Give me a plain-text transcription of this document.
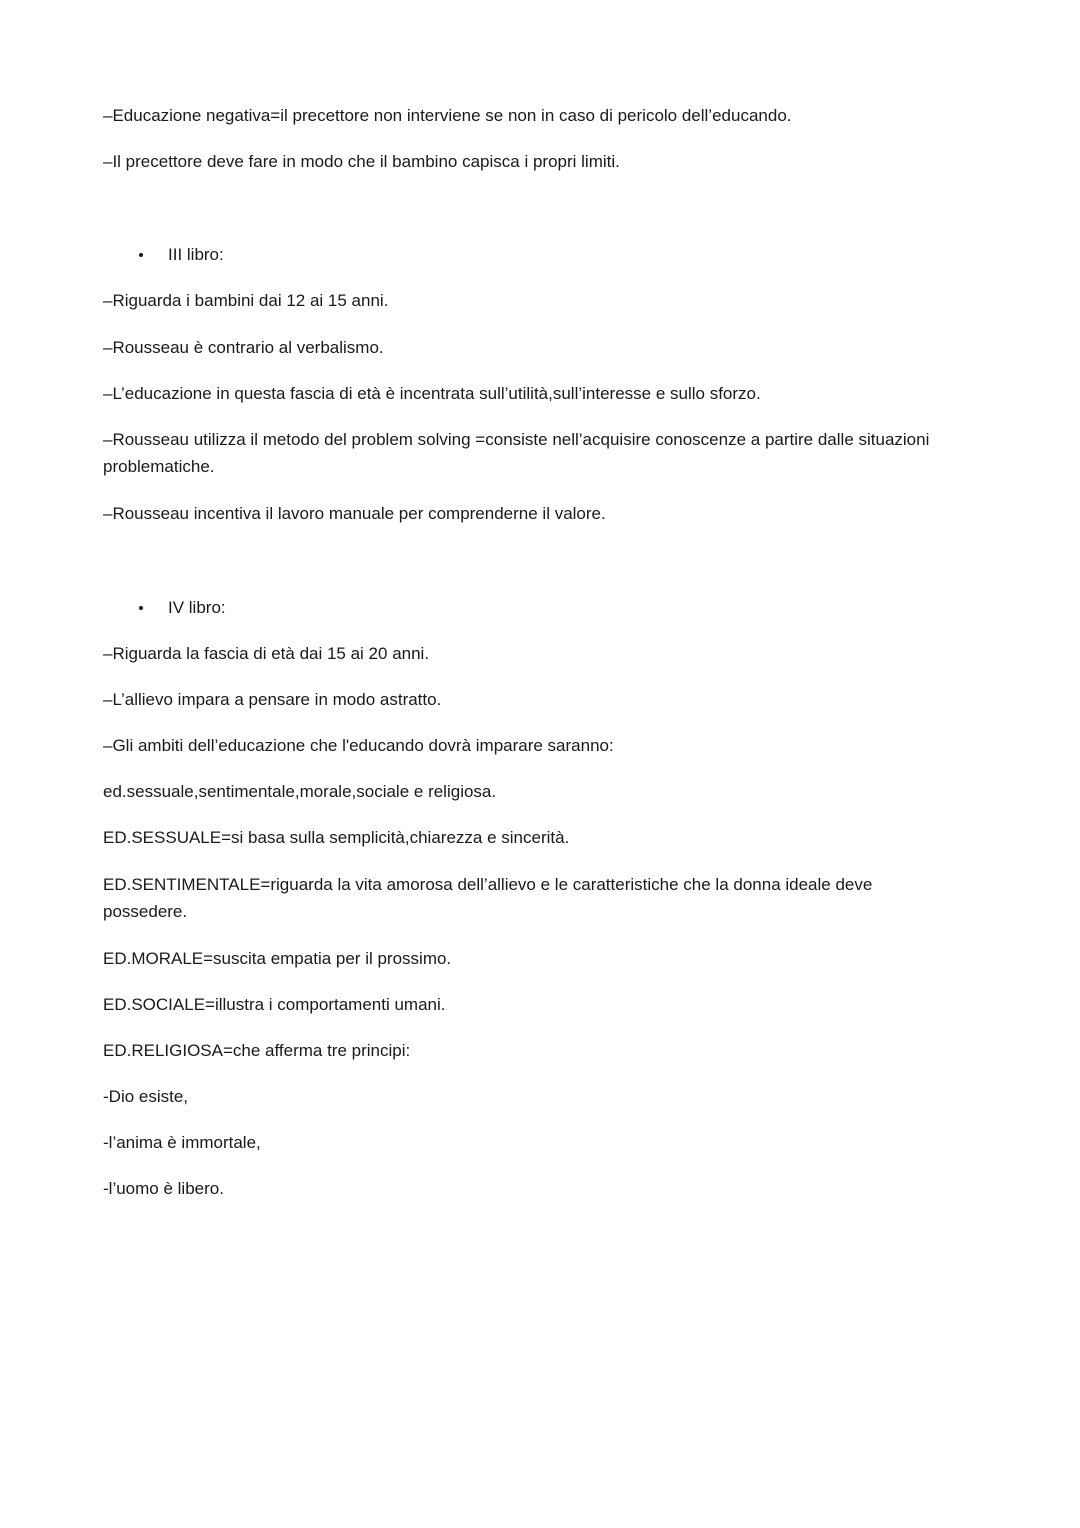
–Educazione negativa=il precettore non interviene se non in caso di pericolo dell’educando.

–Il precettore deve fare in modo che il bambino capisca i propri limiti.

III libro:

–Riguarda i bambini dai 12 ai 15 anni.

–Rousseau è contrario al verbalismo.

–L’educazione in questa fascia di età è incentrata sull’utilità,sull’interesse e sullo sforzo.

–Rousseau utilizza il metodo del problem solving =consiste nell’acquisire conoscenze a partire dalle situazioni problematiche.

–Rousseau incentiva il lavoro manuale per comprenderne il valore.

IV libro:

–Riguarda la fascia di età dai 15 ai 20 anni.

–L’allievo impara a pensare in modo astratto.

–Gli ambiti dell’educazione che l'educando dovrà imparare saranno:

ed.sessuale,sentimentale,morale,sociale e religiosa.

ED.SESSUALE=si basa sulla semplicità,chiarezza e sincerità.

ED.SENTIMENTALE=riguarda la vita amorosa dell’allievo e le caratteristiche che la donna ideale deve possedere.

ED.MORALE=suscita empatia per il prossimo.

ED.SOCIALE=illustra i comportamenti umani.

ED.RELIGIOSA=che afferma tre principi:

-Dio esiste,

-l’anima è immortale,

-l’uomo è libero.
